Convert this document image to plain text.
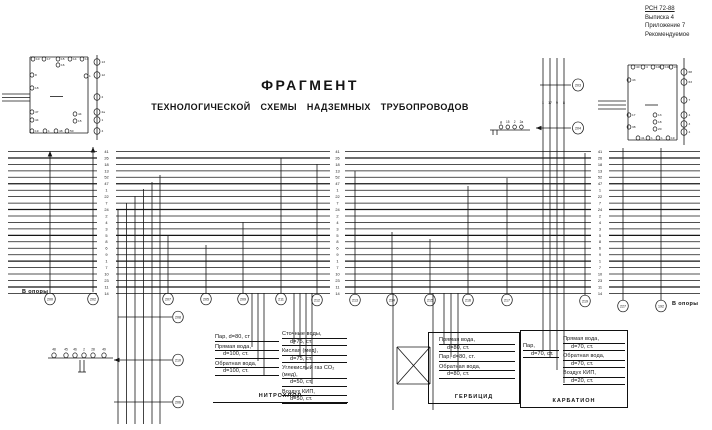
41	41	41
26	26	26
18	18	18
13	13	13
52	52	52
47	47	47
1	1	1
22	22	22
7	7	7
24	24	24
2	2	2
4	4	4
3	3	3
5	5	5
8	8	8
6	6	6
9	9	9
1	1	1
7	7	7
10	10	10
23	23	23
11	11	11
14	14	14
200	202	207	205	209	211	212	213	214	215	216	217	219
227	192
208
210
206
203
204
1 17 9 8
д 15 2 2а
48	45 46 2 28 49
10 17	15
16
14	13
8
18
47
44
19	1	48 50
44
15
1
13
12
2
2а
1
4
40 4	100 103 24
43
17
38
41 1	1	19
13
18
20
68
63
7
4
3
4
РСН 72-88
Выписка 4
Приложение 7
Рекомендуемое
ФРАГМЕНТ
ТЕХНОЛОГИЧЕСКОЙ СХЕМЫ НАДЗЕМНЫХ ТРУБОПРОВОДОВ
В опоры
В опоры
Пар, d=80, ст
Прямая вода,
d=100, ст.
Обратная вода,
d=100, ст.
Сточные воды,
d=75, ст.
Кислая (мед),
d=75, ст.
Углекислый газ CO₂ (мед),
d=50, ст.
Воздух КИП,
d=50, ст.
НИТРОХЛОР
Прямая вода,
d=80, ст.
Пар, d=80, ст.
Обратная вода,
d=80, ст.
ГЕРБИЦИД
Пар,
d=70, ст.
Прямая вода,
d=70, ст.
Обратная вода,
d=70, ст.
Воздух КИП,
d=20, ст.
КАРБАТИОН
